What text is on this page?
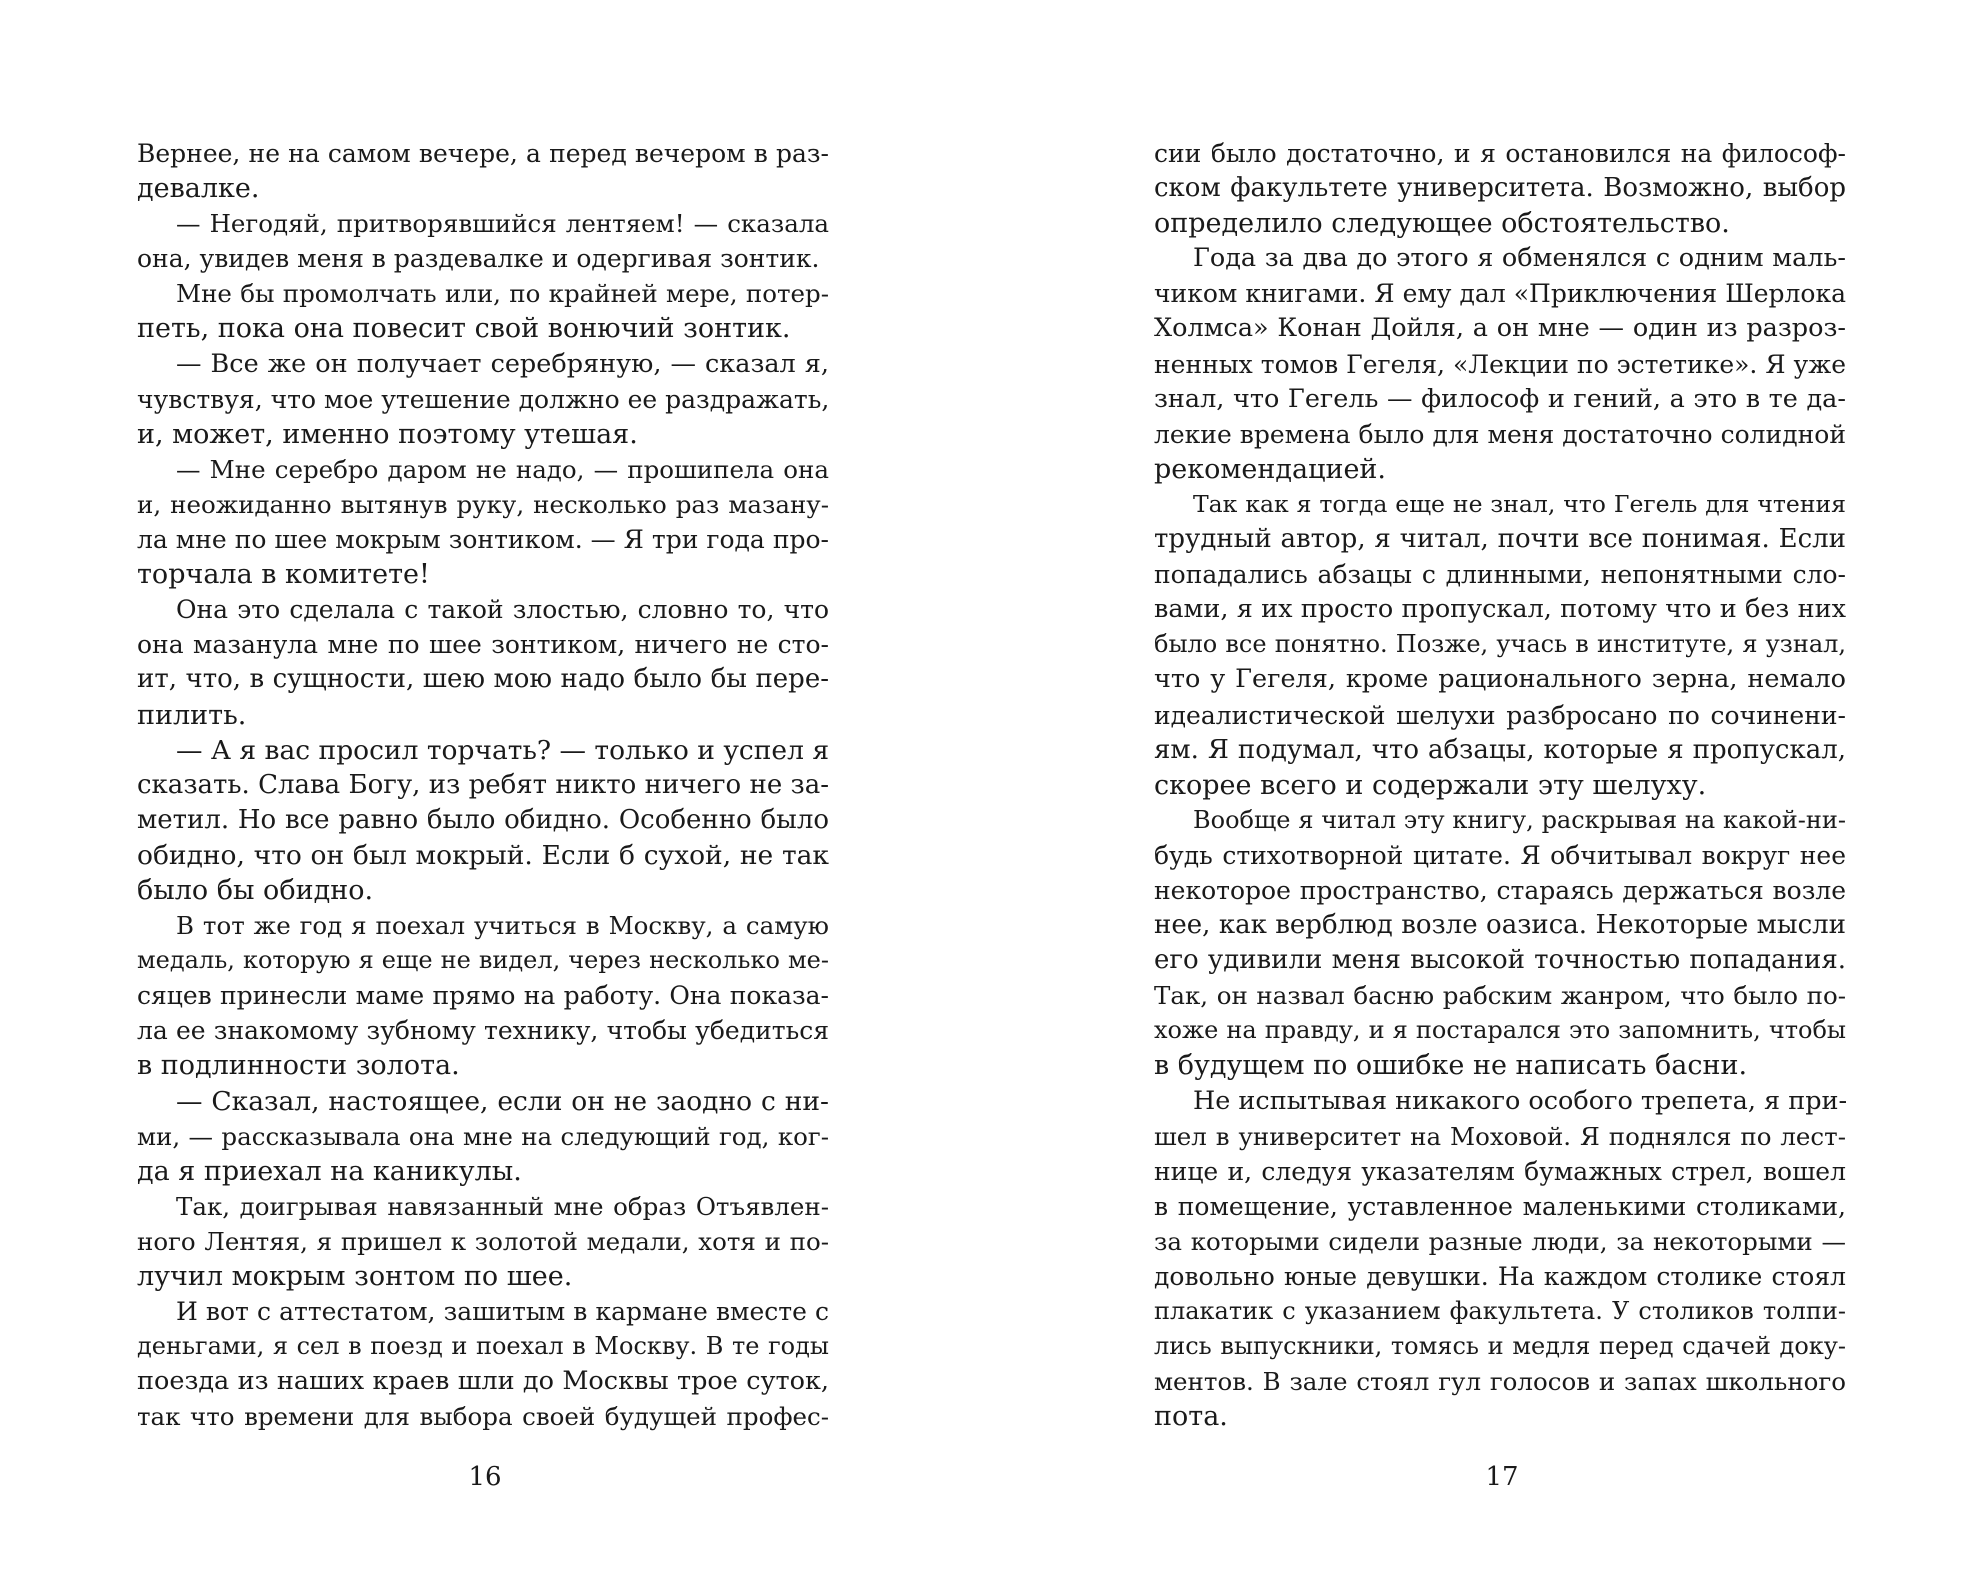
Вернее, не на самом вечере, а перед вечером в раз-
девалке.
— Негодяй, притворявшийся лентяем! — сказала
она, увидев меня в раздевалке и одергивая зонтик.
Мне бы промолчать или, по крайней мере, потер-
петь, пока она повесит свой вонючий зонтик.
— Все же он получает серебряную, — сказал я,
чувствуя, что мое утешение должно ее раздражать,
и, может, именно поэтому утешая.
— Мне серебро даром не надо, — прошипела она
и, неожиданно вытянув руку, несколько раз мазану-
ла мне по шее мокрым зонтиком. — Я три года про-
торчала в комитете!
Она это сделала с такой злостью, словно то, что
она мазанула мне по шее зонтиком, ничего не сто-
ит, что, в сущности, шею мою надо было бы пере-
пилить.
— А я вас просил торчать? — только и успел я
сказать. Слава Богу, из ребят никто ничего не за-
метил. Но все равно было обидно. Особенно было
обидно, что он был мокрый. Если б сухой, не так
было бы обидно.
В тот же год я поехал учиться в Москву, а самую
медаль, которую я еще не видел, через несколько ме-
сяцев принесли маме прямо на работу. Она показа-
ла ее знакомому зубному технику, чтобы убедиться
в подлинности золота.
— Сказал, настоящее, если он не заодно с ни-
ми, — рассказывала она мне на следующий год, ког-
да я приехал на каникулы.
Так, доигрывая навязанный мне образ Отъявлен-
ного Лентяя, я пришел к золотой медали, хотя и по-
лучил мокрым зонтом по шее.
И вот с аттестатом, зашитым в кармане вместе с
деньгами, я сел в поезд и поехал в Москву. В те годы
поезда из наших краев шли до Москвы трое суток,
так что времени для выбора своей будущей профес-
сии было достаточно, и я остановился на философ-
ском факультете университета. Возможно, выбор
определило следующее обстоятельство.
Года за два до этого я обменялся с одним маль-
чиком книгами. Я ему дал «Приключения Шерлока
Холмса» Конан Дойля, а он мне — один из разроз-
ненных томов Гегеля, «Лекции по эстетике». Я уже
знал, что Гегель — философ и гений, а это в те да-
лекие времена было для меня достаточно солидной
рекомендацией.
Так как я тогда еще не знал, что Гегель для чтения
трудный автор, я читал, почти все понимая. Если
попадались абзацы с длинными, непонятными сло-
вами, я их просто пропускал, потому что и без них
было все понятно. Позже, учась в институте, я узнал,
что у Гегеля, кроме рационального зерна, немало
идеалистической шелухи разбросано по сочинени-
ям. Я подумал, что абзацы, которые я пропускал,
скорее всего и содержали эту шелуху.
Вообще я читал эту книгу, раскрывая на какой-ни-
будь стихотворной цитате. Я обчитывал вокруг нее
некоторое пространство, стараясь держаться возле
нее, как верблюд возле оазиса. Некоторые мысли
его удивили меня высокой точностью попадания.
Так, он назвал басню рабским жанром, что было по-
хоже на правду, и я постарался это запомнить, чтобы
в будущем по ошибке не написать басни.
Не испытывая никакого особого трепета, я при-
шел в университет на Моховой. Я поднялся по лест-
нице и, следуя указателям бумажных стрел, вошел
в помещение, уставленное маленькими столиками,
за которыми сидели разные люди, за некоторыми —
довольно юные девушки. На каждом столике стоял
плакатик с указанием факультета. У столиков толпи-
лись выпускники, томясь и медля перед сдачей доку-
ментов. В зале стоял гул голосов и запах школьного
пота.
16	17
